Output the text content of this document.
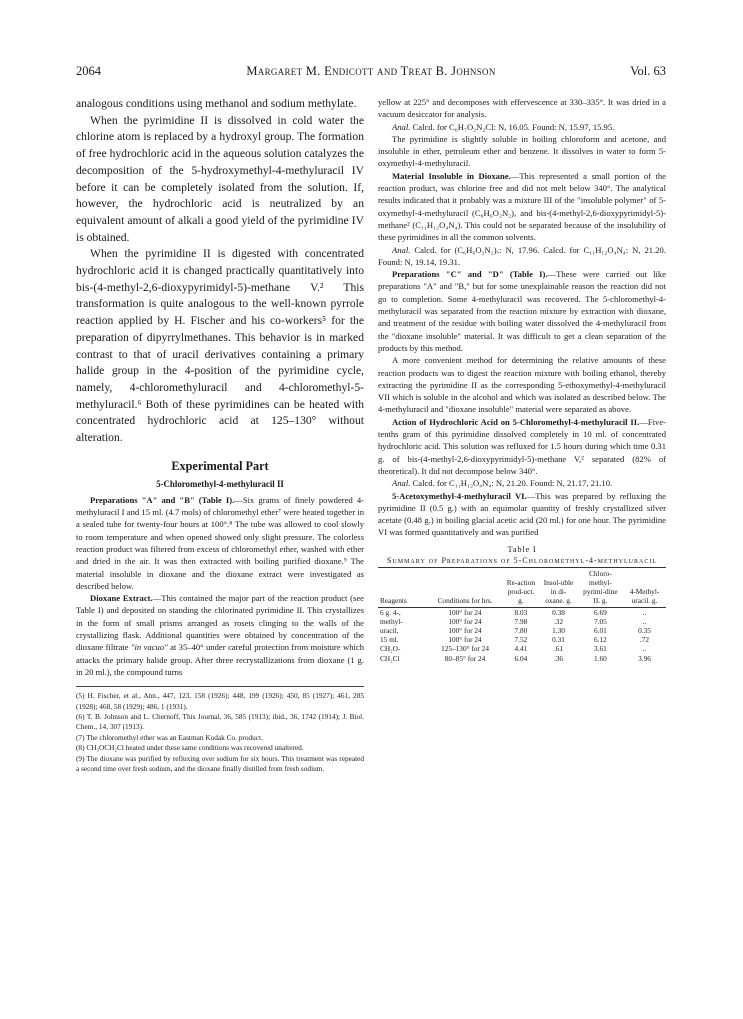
2064	Margaret M. Endicott and Treat B. Johnson	Vol. 63

analogous conditions using methanol and sodium methylate.

When the pyrimidine II is dissolved in cold water the chlorine atom is replaced by a hydroxyl group. The formation of free hydrochloric acid in the aqueous solution catalyzes the decomposition of the 5-hydroxymethyl-4-methyluracil IV before it can be completely isolated from the solution. If, however, the hydrochloric acid is neutralized by an equivalent amount of alkali a good yield of the pyrimidine IV is obtained.

When the pyrimidine II is digested with concentrated hydrochloric acid it is changed practically quantitatively into bis-(4-methyl-2,6-dioxypyrimidyl-5)-methane V.² This transformation is quite analogous to the well-known pyrrole reaction applied by H. Fischer and his co-workers⁵ for the preparation of dipyrrylmethanes. This behavior is in marked contrast to that of uracil derivatives containing a primary halide group in the 4-position of the pyrimidine cycle, namely, 4-chloromethyluracil and 4-chloromethyl-5-methyluracil.⁶ Both of these pyrimidines can be heated with concentrated hydrochloric acid at 125–130° without alteration.

Experimental Part
5-Chloromethyl-4-methyluracil II

Preparations "A" and "B" (Table I).—Six grams of finely powdered 4-methyluracil I and 15 ml. (4.7 mols) of chloromethyl ether⁷ were heated together in a sealed tube for twenty-four hours at 100°.⁸ The tube was allowed to cool slowly to room temperature and when opened showed only slight pressure. The colorless reaction product was filtered from excess of chloromethyl ether, washed with ether and dried in the air. It was then extracted with boiling purified dioxane.⁹ The material insoluble in dioxane and the dioxane extract were investigated as described below.

Dioxane Extract.—This contained the major part of the reaction product (see Table I) and deposited on standing the chlorinated pyrimidine II. This crystallizes in the form of small prisms arranged as rosets clinging to the walls of the crystallizing flask. Additional quantities were obtained by concentration of the dioxane filtrate "in vacuo" at 35–40° under careful protection from moisture which attacks the primary halide group. After three recrystallizations from dioxane (1 g. in 20 ml.), the compound turns

(5) H. Fischer, et al., Ann., 447, 123, 158 (1926); 448, 199 (1926); 450, 85 (1927); 461, 285 (1928); 468, 58 (1929); 486, 1 (1931).

(6) T. B. Johnson and L. Chernoff, This Journal, 36, 585 (1913); ibid., 36, 1742 (1914); J. Biol. Chem., 14, 307 (1913).

(7) The chloromethyl ether was an Eastman Kodak Co. product.

(8) CH₃OCH₂Cl heated under these same conditions was recovered unaltered.

(9) The dioxane was purified by refluxing over sodium for six hours. This treatment was repeated a second time over fresh sodium, and the dioxane finally distilled from fresh sodium.

yellow at 225° and decomposes with effervescence at 330–335°. It was dried in a vacuum desiccator for analysis.

Anal. Calcd. for C₆H₇O₂N₂Cl: N, 16.05. Found: N, 15.97, 15.95.

The pyrimidine is slightly soluble in boiling chloroform and acetone, and insoluble in ether, petroleum ether and benzene. It dissolves in water to form 5-oxymethyl-4-methyluracil.

Material Insoluble in Dioxane.—This represented a small portion of the reaction product, was chlorine free and did not melt below 340°. The analytical results indicated that it probably was a mixture III of the "insoluble polymer" of 5-oxymethyl-4-methyluracil (C₆H₆O₂N₂)ₓ and bis-(4-methyl-2,6-dioxypyrimidyl-5)-methane² (C₁₁H₁₂O₄N₄). This could not be separated because of the insolubility of these pyrimidines in all the common solvents.

Anal. Calcd. for (C₆H₆O₂N₂)ₓ: N, 17.96. Calcd. for C₁₁H₁₂O₄N₄: N, 21.20. Found: N, 19.14, 19.31.

Preparations "C" and "D" (Table I).—These were carried out like preparations "A" and "B," but for some unexplainable reason the reaction did not go to completion. Some 4-methyluracil was recovered. The 5-chloromethyl-4-methyluracil was separated from the reaction mixture by extraction with dioxane, and treatment of the residue with boiling water dissolved the 4-methyluracil from the "dioxane insoluble" material. It was difficult to get a clean separation of the products by this method.

A more convenient method for determining the relative amounts of these reaction products was to digest the reaction mixture with boiling ethanol, thereby extracting the pyrimidine II as the corresponding 5-ethoxymethyl-4-methyluracil VII which is soluble in the alcohol and which was isolated as described below. The 4-methyluracil and "dioxane insoluble" material were separated as above.

Action of Hydrochloric Acid on 5-Chloromethyl-4-methyluracil II.—Five-tenths gram of this pyrimidine dissolved completely in 10 ml. of concentrated hydrochloric acid. This solution was refluxed for 1.5 hours during which time 0.31 g. of bis-(4-methyl-2,6-dioxypyrimidyl-5)-methane V,² separated (82% of theoretical). It did not decompose below 340°.

Anal. Calcd. for C₁₁H₁₂O₄N₄: N, 21.20. Found: N, 21.17, 21.10.

5-Acetoxymethyl-4-methyluracil VI.—This was prepared by refluxing the pyrimidine II (0.5 g.) with an equimolar quantity of freshly crystallized silver acetate (0.48 g.) in boiling glacial acetic acid (20 ml.) for one hour. The pyrimidine VI was formed quantitatively and was purified

Table I
Summary of Preparations of 5-Chloromethyl-4-methyluracil
Reagents	Conditions for hrs.	Re-action prod-uct. g.	Insol-uble in di-oxane. g.	Chloro-methyl-pyrimi-dine II. g.	4-Methyl-uracil. g.
6 g. 4-,	100° for 24	8.03	0.38	6.69	..
methyl-	100° for 24	7.98	.32	7.05	..
uracil,	100° for 24	7.80	1.30	6.01	0.35
15 ml.	100° for 24	7.52	0.31	6.12	.72
CH₂O-	125–130° for 24	4.41	.61	3.61	..
CH₂Cl	80–85° for 24	6.04	.36	1.60	3.96
